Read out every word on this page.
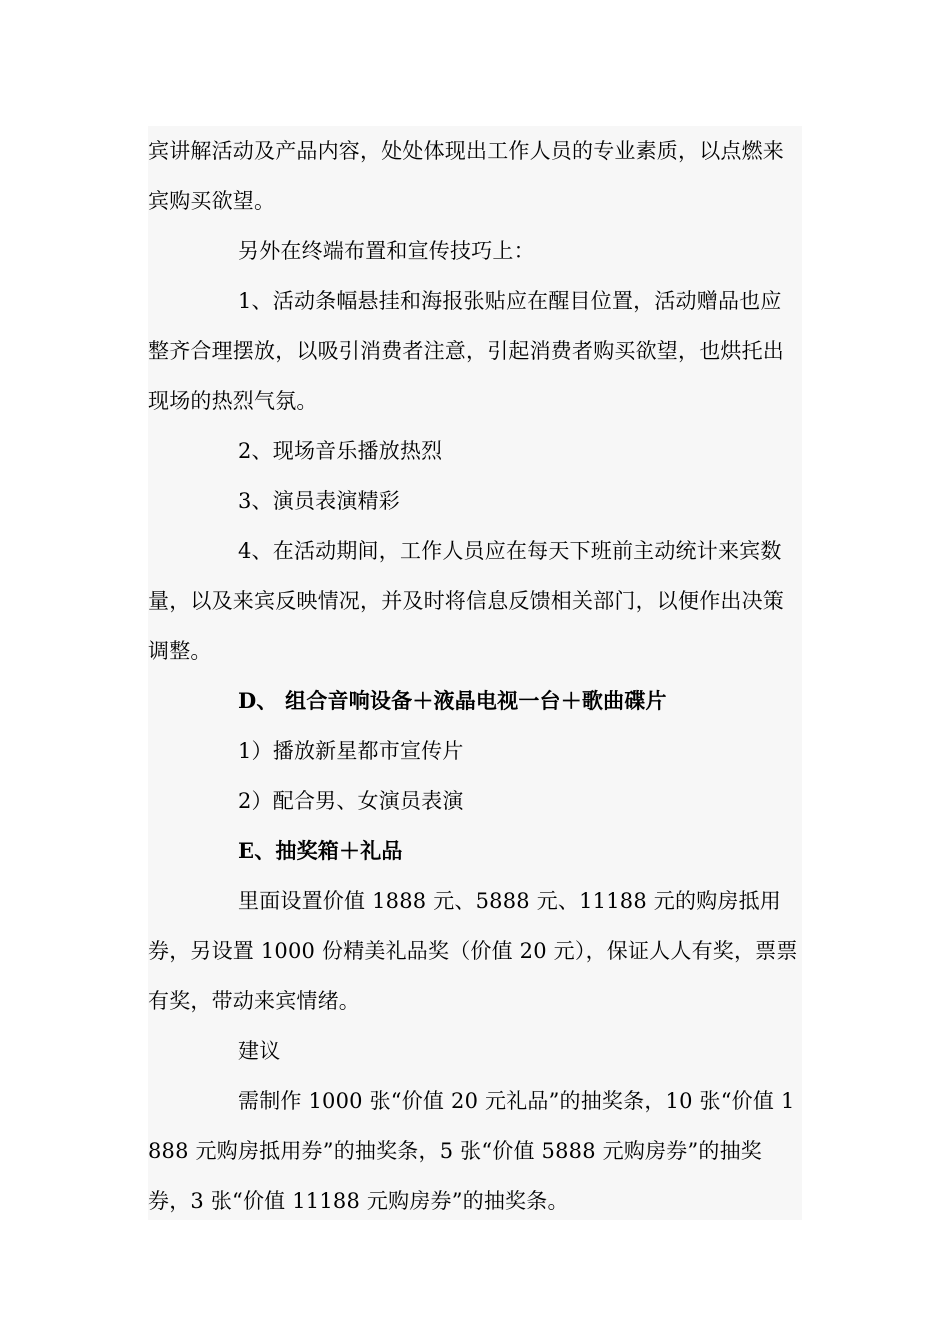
宾讲解活动及产品内容，处处体现出工作人员的专业素质，以点燃来宾购买欲望。

另外在终端布置和宣传技巧上：

1、活动条幅悬挂和海报张贴应在醒目位置，活动赠品也应整齐合理摆放，以吸引消费者注意，引起消费者购买欲望，也烘托出现场的热烈气氛。

2、现场音乐播放热烈

3、演员表演精彩

4、在活动期间，工作人员应在每天下班前主动统计来宾数量，以及来宾反映情况，并及时将信息反馈相关部门，以便作出决策调整。

D、 组合音响设备＋液晶电视一台＋歌曲碟片

1）播放新星都市宣传片

2）配合男、女演员表演

E、抽奖箱＋礼品

里面设置价值 1888 元、5888 元、11188 元的购房抵用券，另设置 1000 份精美礼品奖（价值 20 元），保证人人有奖，票票有奖，带动来宾情绪。

建议

需制作 1000 张“价值 20 元礼品”的抽奖条，10 张“价值 1888 元购房抵用券”的抽奖条，5 张“价值 5888 元购房券”的抽奖券，3 张“价值 11188 元购房券”的抽奖条。
